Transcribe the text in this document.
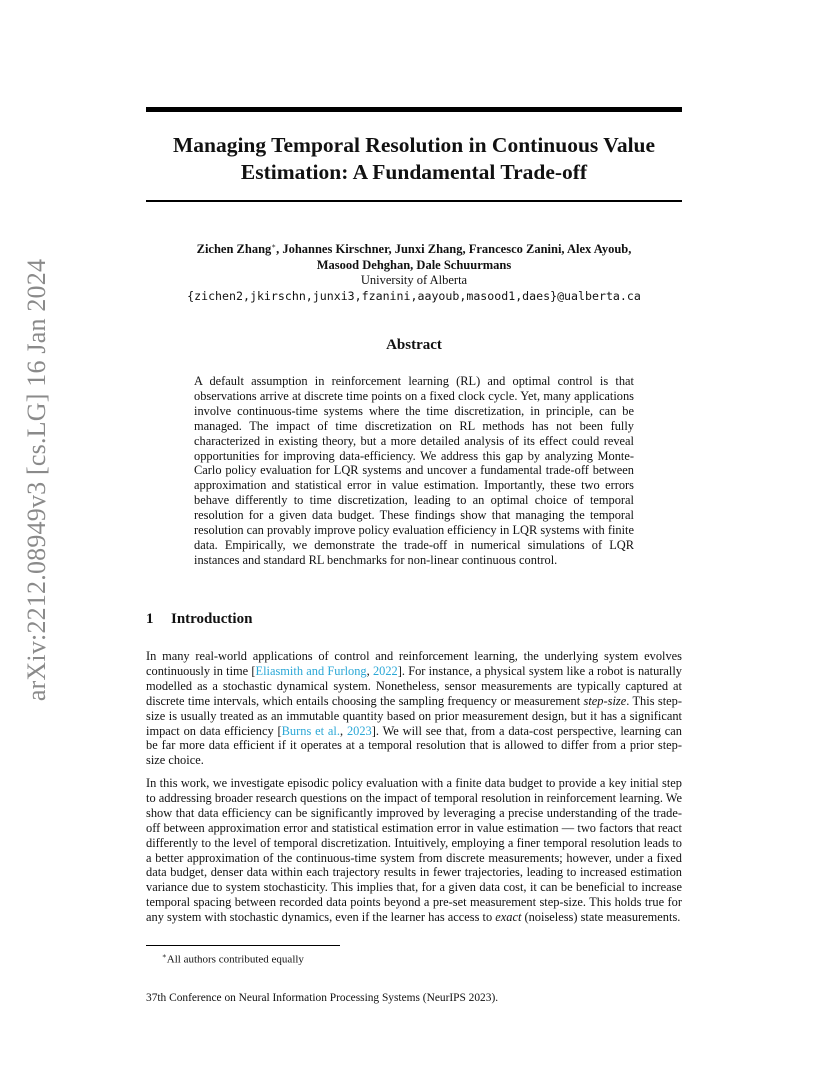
arXiv:2212.08949v3 [cs.LG] 16 Jan 2024
Managing Temporal Resolution in Continuous Value Estimation: A Fundamental Trade-off
Zichen Zhang∗, Johannes Kirschner, Junxi Zhang, Francesco Zanini, Alex Ayoub,
Masood Dehghan, Dale Schuurmans
University of Alberta
{zichen2,jkirschn,junxi3,fzanini,aayoub,masood1,daes}@ualberta.ca
Abstract

A default assumption in reinforcement learning (RL) and optimal control is that observations arrive at discrete time points on a fixed clock cycle. Yet, many applications involve continuous-time systems where the time discretization, in principle, can be managed. The impact of time discretization on RL methods has not been fully characterized in existing theory, but a more detailed analysis of its effect could reveal opportunities for improving data-efficiency. We address this gap by analyzing Monte-Carlo policy evaluation for LQR systems and uncover a fundamental trade-off between approximation and statistical error in value estimation. Importantly, these two errors behave differently to time discretization, leading to an optimal choice of temporal resolution for a given data budget. These findings show that managing the temporal resolution can provably improve policy evaluation efficiency in LQR systems with finite data. Empirically, we demonstrate the trade-off in numerical simulations of LQR instances and standard RL benchmarks for non-linear continuous control.

1 Introduction

In many real-world applications of control and reinforcement learning, the underlying system evolves continuously in time [Eliasmith and Furlong, 2022]. For instance, a physical system like a robot is naturally modelled as a stochastic dynamical system. Nonetheless, sensor measurements are typically captured at discrete time intervals, which entails choosing the sampling frequency or measurement step-size. This step-size is usually treated as an immutable quantity based on prior measurement design, but it has a significant impact on data efficiency [Burns et al., 2023]. We will see that, from a data-cost perspective, learning can be far more data efficient if it operates at a temporal resolution that is allowed to differ from a prior step-size choice.

In this work, we investigate episodic policy evaluation with a finite data budget to provide a key initial step to addressing broader research questions on the impact of temporal resolution in reinforcement learning. We show that data efficiency can be significantly improved by leveraging a precise understanding of the trade-off between approximation error and statistical estimation error in value estimation — two factors that react differently to the level of temporal discretization. Intuitively, employing a finer temporal resolution leads to a better approximation of the continuous-time system from discrete measurements; however, under a fixed data budget, denser data within each trajectory results in fewer trajectories, leading to increased estimation variance due to system stochasticity. This implies that, for a given data cost, it can be beneficial to increase temporal spacing between recorded data points beyond a pre-set measurement step-size. This holds true for any system with stochastic dynamics, even if the learner has access to exact (noiseless) state measurements.

∗All authors contributed equally
37th Conference on Neural Information Processing Systems (NeurIPS 2023).
